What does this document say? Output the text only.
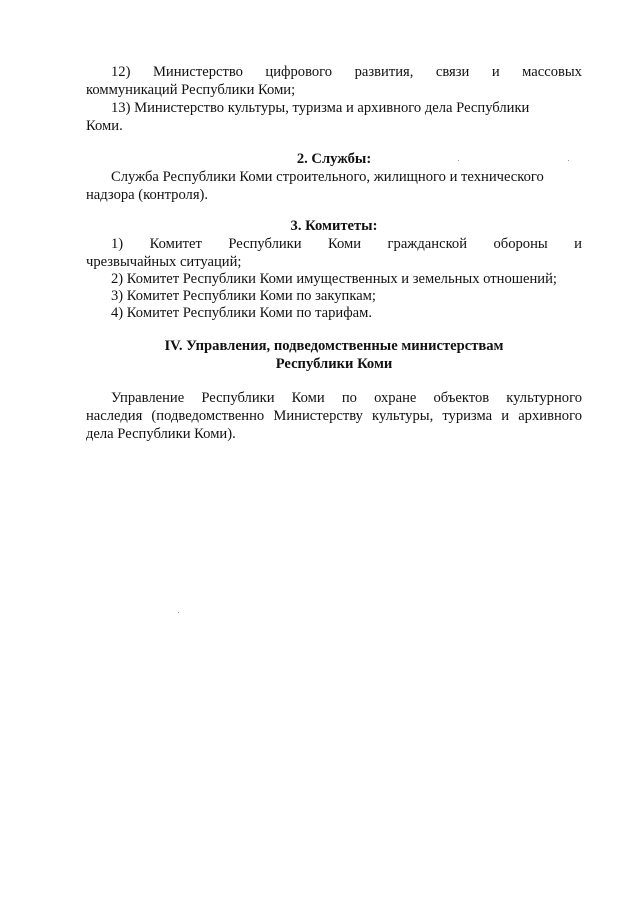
12) Министерство цифрового развития, связи и массовых
коммуникаций Республики Коми;
13) Министерство культуры, туризма и архивного дела Республики
Коми.
2. Службы:
Служба Республики Коми строительного, жилищного и технического
надзора (контроля).
3. Комитеты:
1) Комитет Республики Коми гражданской обороны и
чрезвычайных ситуаций;
2) Комитет Республики Коми имущественных и земельных отношений;
3) Комитет Республики Коми по закупкам;
4) Комитет Республики Коми по тарифам.
IV. Управления, подведомственные министерствам
Республики Коми
Управление Республики Коми по охране объектов культурного
наследия (подведомственно Министерству культуры, туризма и архивного
дела Республики Коми).
